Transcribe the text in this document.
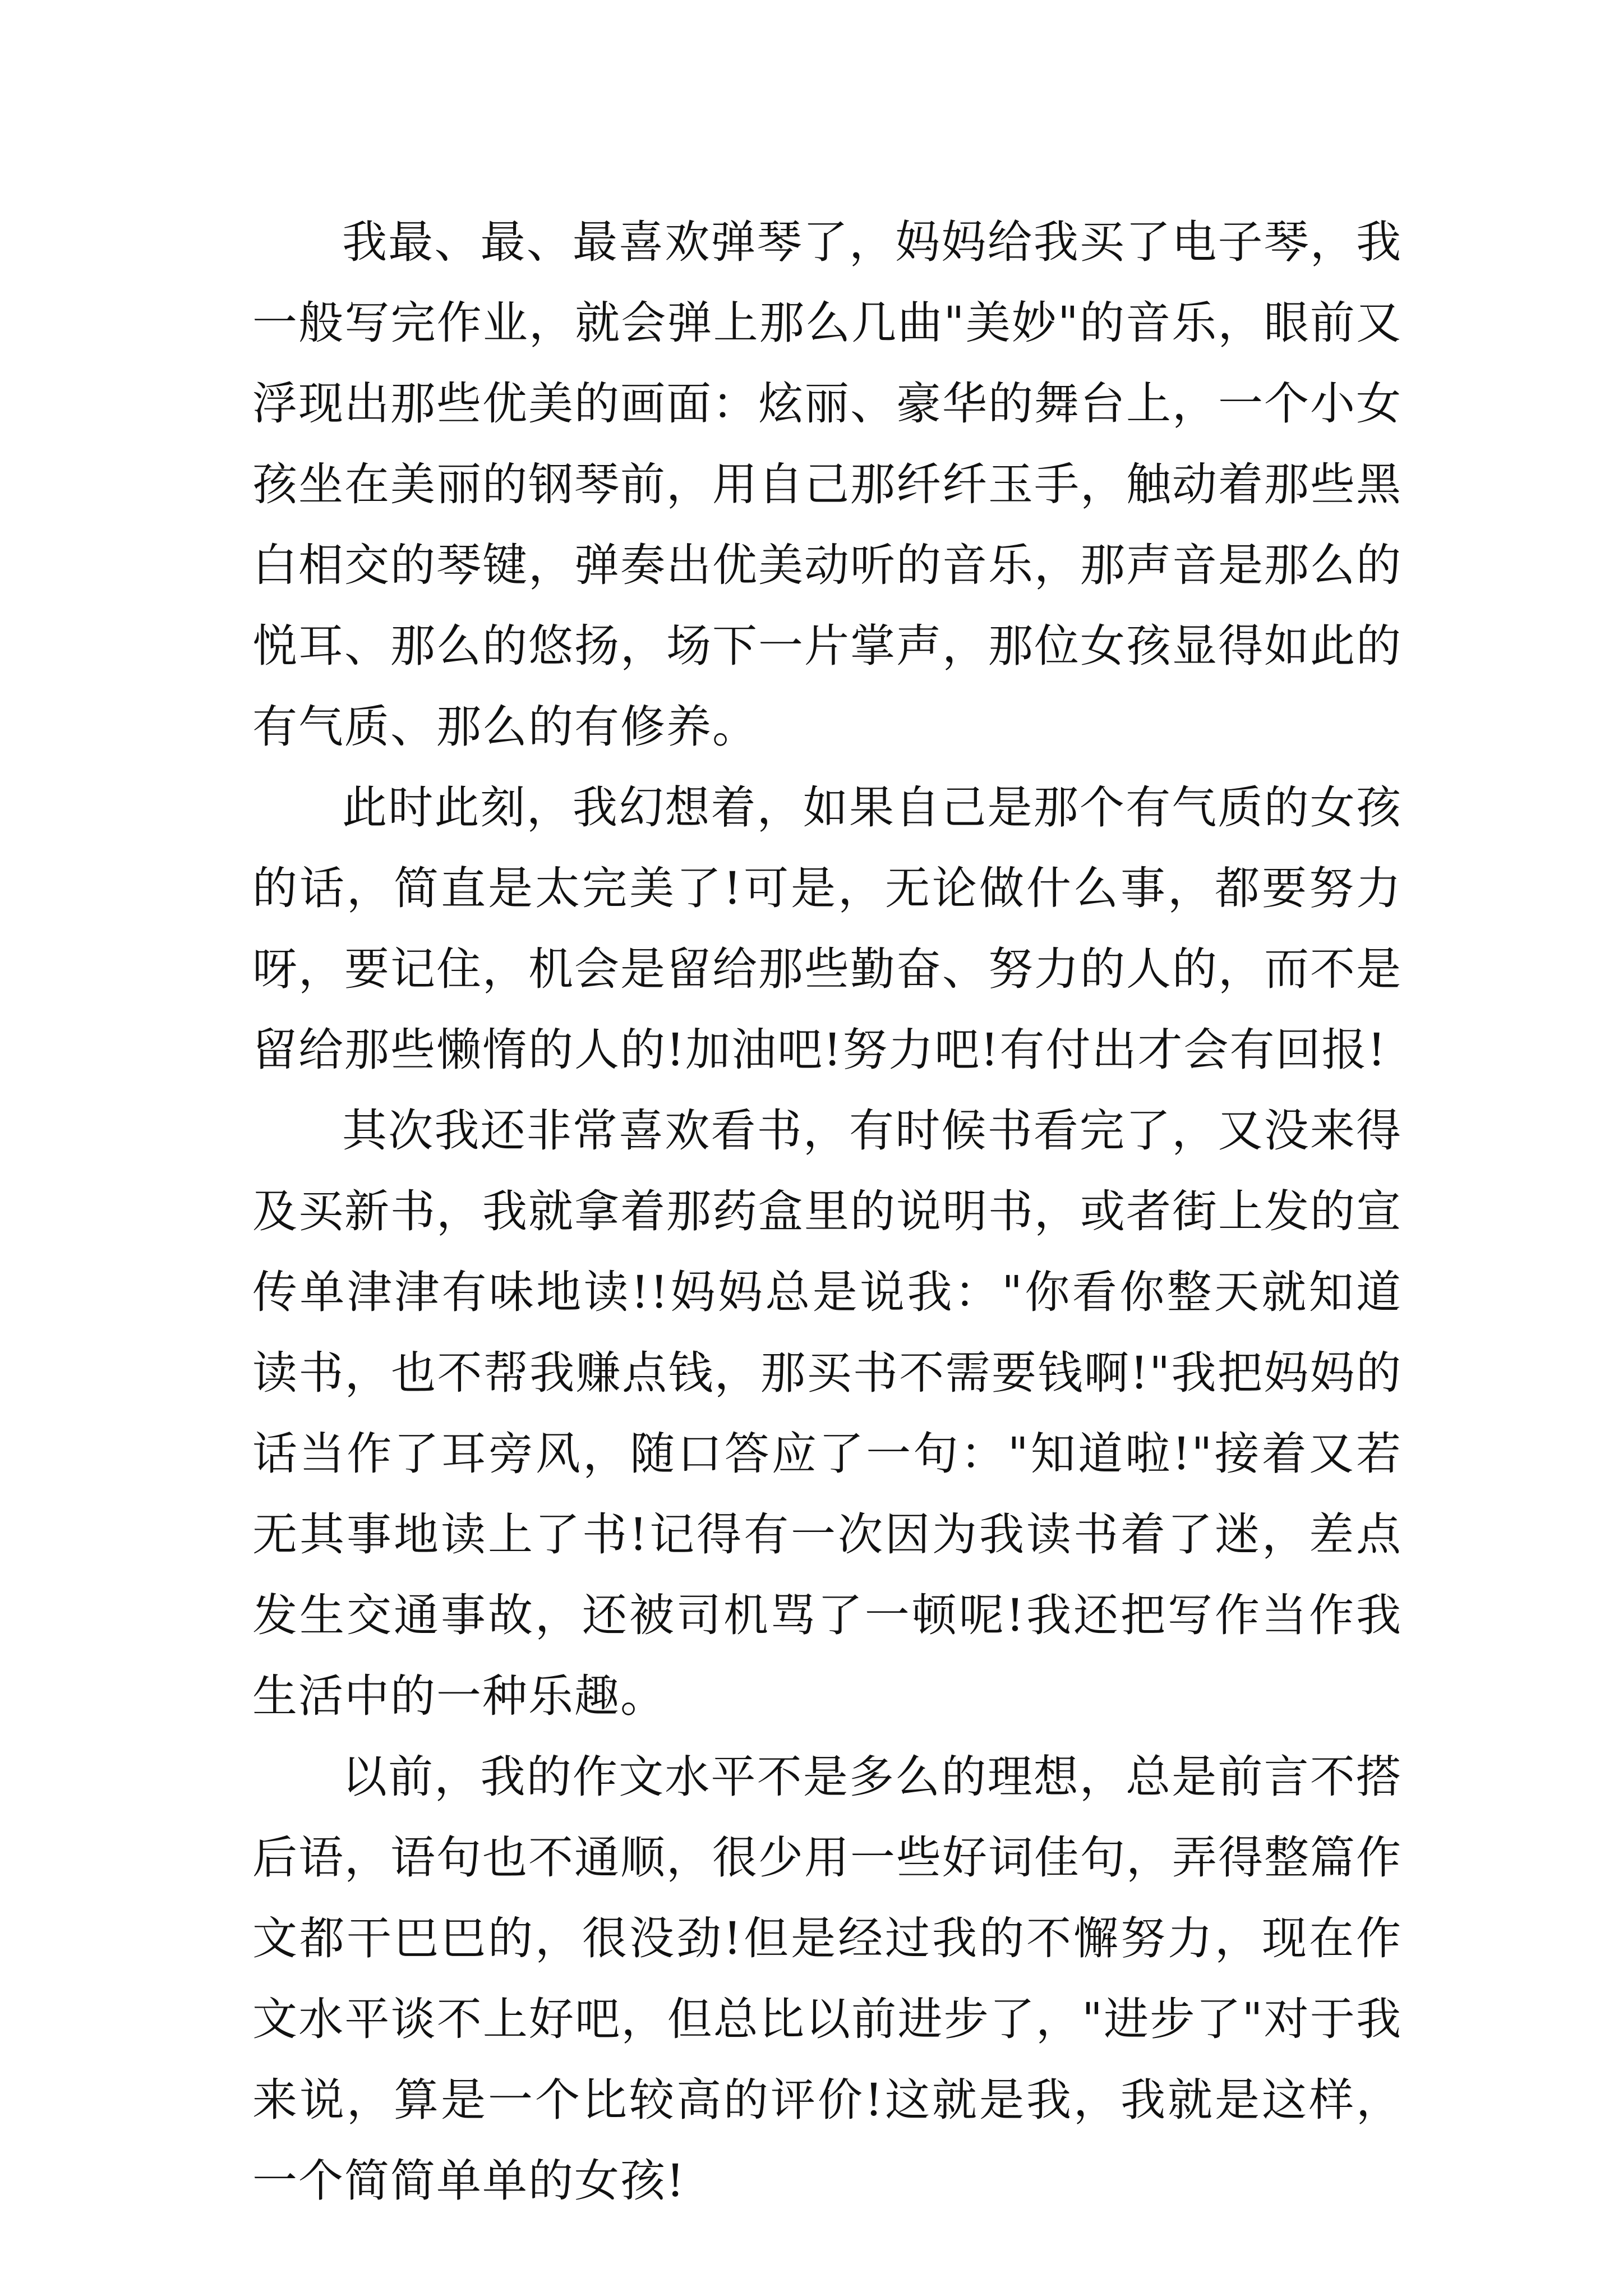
我最、最、最喜欢弹琴了，妈妈给我买了电子琴，我一般写完作业，就会弹上那么几曲"美妙"的音乐，眼前又浮现出那些优美的画面：炫丽、豪华的舞台上，一个小女孩坐在美丽的钢琴前，用自己那纤纤玉手，触动着那些黑白相交的琴键，弹奏出优美动听的音乐，那声音是那么的悦耳、那么的悠扬，场下一片掌声，那位女孩显得如此的有气质、那么的有修养。

此时此刻，我幻想着，如果自己是那个有气质的女孩的话，简直是太完美了!可是，无论做什么事，都要努力呀，要记住，机会是留给那些勤奋、努力的人的，而不是留给那些懒惰的人的!加油吧!努力吧!有付出才会有回报!

其次我还非常喜欢看书，有时候书看完了，又没来得及买新书，我就拿着那药盒里的说明书，或者街上发的宣传单津津有味地读!!妈妈总是说我："你看你整天就知道读书，也不帮我赚点钱，那买书不需要钱啊!"我把妈妈的话当作了耳旁风，随口答应了一句："知道啦!"接着又若无其事地读上了书!记得有一次因为我读书着了迷，差点发生交通事故，还被司机骂了一顿呢!我还把写作当作我生活中的一种乐趣。

以前，我的作文水平不是多么的理想，总是前言不搭后语，语句也不通顺，很少用一些好词佳句，弄得整篇作文都干巴巴的，很没劲!但是经过我的不懈努力，现在作文水平谈不上好吧，但总比以前进步了，"进步了"对于我来说，算是一个比较高的评价!这就是我，我就是这样，一个简简单单的女孩!
